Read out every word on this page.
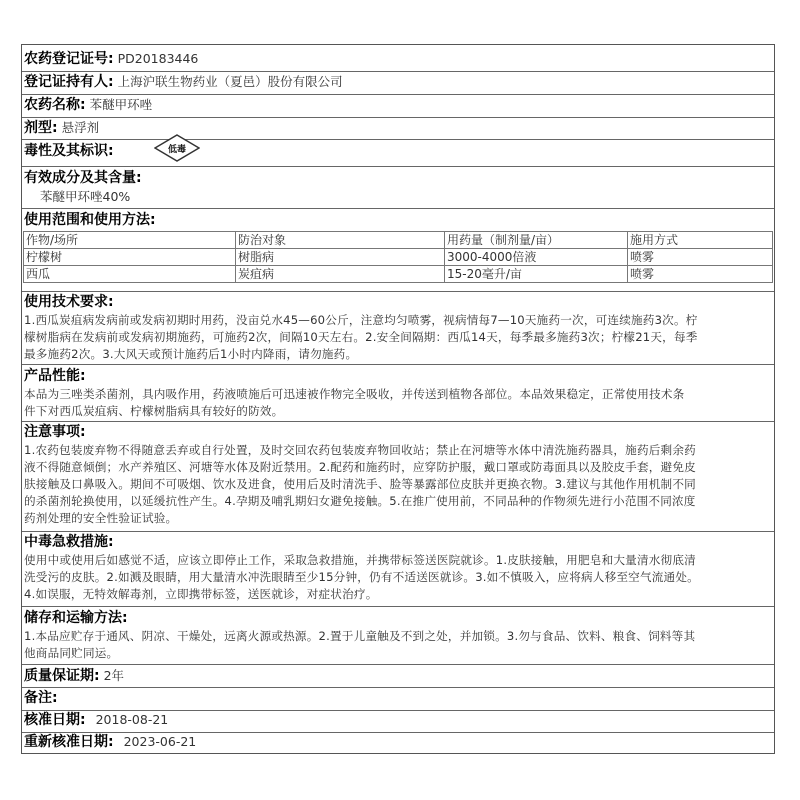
农药登记证号: PD20183446
登记证持有人: 上海沪联生物药业（夏邑）股份有限公司
农药名称: 苯醚甲环唑
剂型: 悬浮剂
毒性及其标识:	低毒
有效成分及其含量:
苯醚甲环唑40%
使用范围和使用方法:
作物/场所	防治对象	用药量（制剂量/亩）	施用方式
柠檬树	树脂病	3000-4000倍液	喷雾
西瓜	炭疽病	15-20毫升/亩	喷雾
使用技术要求:
1.西瓜炭疽病发病前或发病初期时用药，没亩兑水45—60公斤，注意均匀喷雾，视病情每7—10天施药一次，可连续施药3次。柠
檬树脂病在发病前或发病初期施药，可施药2次，间隔10天左右。2.安全间隔期：西瓜14天，每季最多施药3次；柠檬21天，每季
最多施药2次。3.大风天或预计施药后1小时内降雨，请勿施药。
产品性能:
本品为三唑类杀菌剂，具内吸作用，药液喷施后可迅速被作物完全吸收，并传送到植物各部位。本品效果稳定，正常使用技术条
件下对西瓜炭疽病、柠檬树脂病具有较好的防效。
注意事项:
1.农药包装废弃物不得随意丢弃或自行处置，及时交回农药包装废弃物回收站；禁止在河塘等水体中清洗施药器具，施药后剩余药
液不得随意倾倒；水产养殖区、河塘等水体及附近禁用。2.配药和施药时，应穿防护服，戴口罩或防毒面具以及胶皮手套，避免皮
肤接触及口鼻吸入。期间不可吸烟、饮水及进食，使用后及时清洗手、脸等暴露部位皮肤并更换衣物。3.建议与其他作用机制不同
的杀菌剂轮换使用，以延缓抗性产生。4.孕期及哺乳期妇女避免接触。5.在推广使用前，不同品种的作物须先进行小范围不同浓度
药剂处理的安全性验证试验。
中毒急救措施:
使用中或使用后如感觉不适，应该立即停止工作，采取急救措施，并携带标签送医院就诊。1.皮肤接触，用肥皂和大量清水彻底清
洗受污的皮肤。2.如溅及眼睛，用大量清水冲洗眼睛至少15分钟，仍有不适送医就诊。3.如不慎吸入，应将病人移至空气流通处。
4.如误服，无特效解毒剂，立即携带标签，送医就诊，对症状治疗。
储存和运输方法:
1.本品应贮存于通风、阴凉、干燥处，远离火源或热源。2.置于儿童触及不到之处，并加锁。3.勿与食品、饮料、粮食、饲料等其
他商品同贮同运。
质量保证期: 2年
备注:
核准日期: 2018-08-21
重新核准日期: 2023-06-21
